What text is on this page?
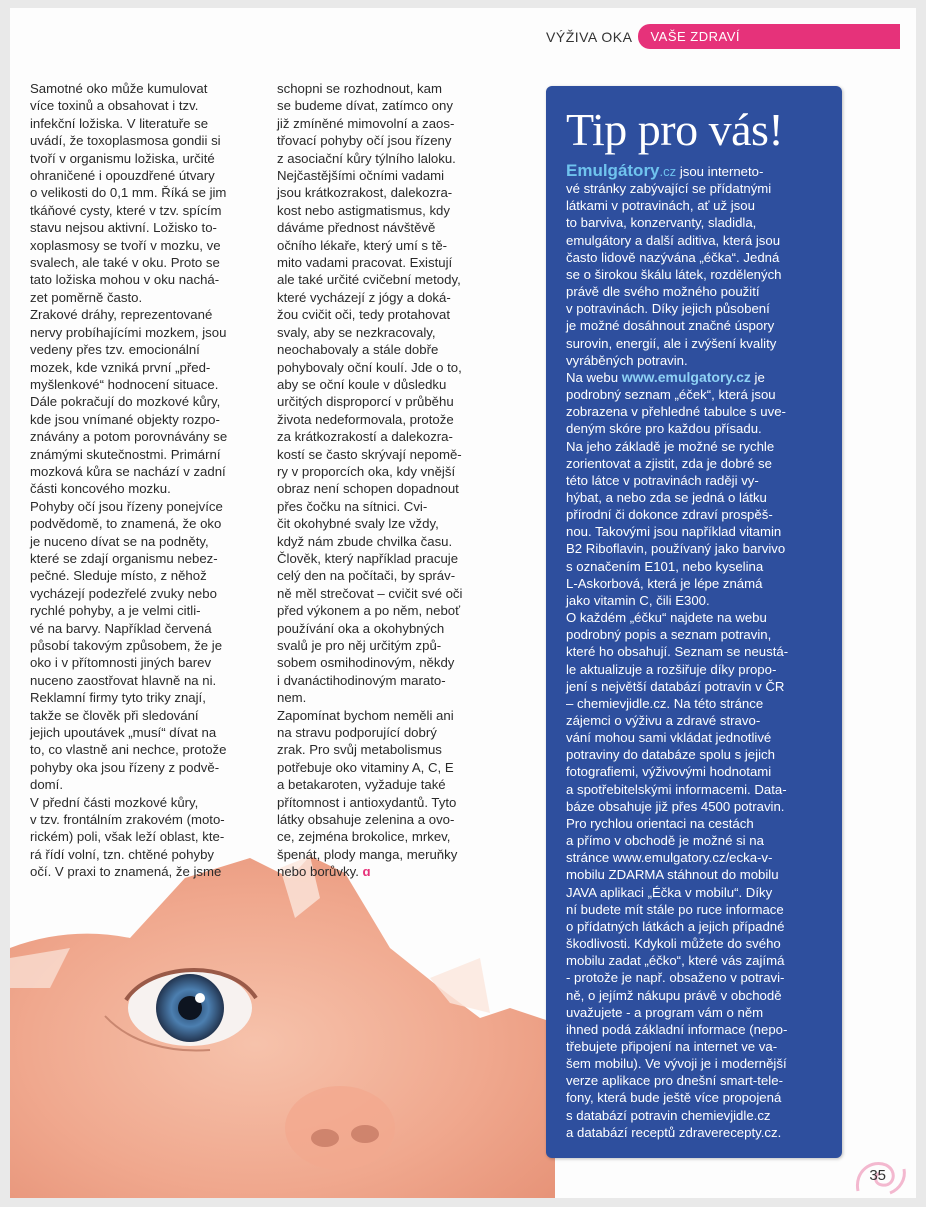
VÝŽIVA OKA	VAŠE ZDRAVÍ

Samotné oko může kumulovat
více toxinů a obsahovat i tzv.
infekční ložiska. V literatuře se
uvádí, že toxoplasmosa gondii si
tvoří v organismu ložiska, určité
ohraničené i opouzdřené útvary
o velikosti do 0,1 mm. Říká se jim
tkáňové cysty, které v tzv. spícím
stavu nejsou aktivní. Ložisko to-
xoplasmosy se tvoří v mozku, ve
svalech, ale také v oku. Proto se
tato ložiska mohou v oku nachá-
zet poměrně často.
Zrakové dráhy, reprezentované
nervy probíhajícími mozkem, jsou
vedeny přes tzv. emocionální
mozek, kde vzniká první „před-
myšlenkové“ hodnocení situace.
Dále pokračují do mozkové kůry,
kde jsou vnímané objekty rozpo-
znávány a potom porovnávány se
známými skutečnostmi. Primární
mozková kůra se nachází v zadní
části koncového mozku.
Pohyby očí jsou řízeny ponejvíce
podvědomě, to znamená, že oko
je nuceno dívat se na podněty,
které se zdají organismu nebez-
pečné. Sleduje místo, z něhož
vycházejí podezřelé zvuky nebo
rychlé pohyby, a je velmi citli-
vé na barvy. Například červená
působí takovým způsobem, že je
oko i v přítomnosti jiných barev
nuceno zaostřovat hlavně na ni.
Reklamní firmy tyto triky znají,
takže se člověk při sledování
jejich upoutávek „musí“ dívat na
to, co vlastně ani nechce, protože
pohyby oka jsou řízeny z podvě-
domí.
V přední části mozkové kůry,
v tzv. frontálním zrakovém (moto-
rickém) poli, však leží oblast, kte-
rá řídí volní, tzn. chtěné pohyby
očí. V praxi to znamená, že jsme

schopni se rozhodnout, kam
se budeme dívat, zatímco ony
již zmíněné mimovolní a zaos-
třovací pohyby očí jsou řízeny
z asociační kůry týlního laloku.
Nejčastějšími očními vadami
jsou krátkozrakost, dalekozra-
kost nebo astigmatismus, kdy
dáváme přednost návštěvě
očního lékaře, který umí s tě-
mito vadami pracovat. Existují
ale také určité cvičební metody,
které vycházejí z jógy a doká-
žou cvičit oči, tedy protahovat
svaly, aby se nezkracovaly,
neochabovaly a stále dobře
pohybovaly oční koulí. Jde o to,
aby se oční koule v důsledku
určitých disproporcí v průběhu
života nedeformovala, protože
za krátkozrakostí a dalekozra-
kostí se často skrývají nepomě-
ry v proporcích oka, kdy vnější
obraz není schopen dopadnout
přes čočku na sítnici. Cvi-
čit okohybné svaly lze vždy,
když nám zbude chvilka času.
Člověk, který například pracuje
celý den na počítači, by správ-
ně měl strečovat – cvičit své oči
před výkonem a po něm, neboť
používání oka a okohybných
svalů je pro něj určitým způ-
sobem osmihodinovým, někdy
i dvanáctihodinovým marato-
nem.
Zapomínat bychom neměli ani
na stravu podporující dobrý
zrak. Pro svůj metabolismus
potřebuje oko vitaminy A, C, E
a betakaroten, vyžaduje také
přítomnost i antioxydantů. Tyto
látky obsahuje zelenina a ovo-
ce, zejména brokolice, mrkev,
špenát, plody manga, meruňky
nebo borůvky. ɑ
Tip pro vás!

Emulgátory.cz jsou interneto-
vé stránky zabývající se přídatnými
látkami v potravinách, ať už jsou
to barviva, konzervanty, sladidla,
emulgátory a další aditiva, která jsou
často lidově nazývána „éčka“. Jedná
se o širokou škálu látek, rozdělených
právě dle svého možného použití
v potravinách. Díky jejich působení
je možné dosáhnout značné úspory
surovin, energií, ale i zvýšení kvality
vyráběných potravin.
Na webu www.emulgatory.cz je
podrobný seznam „éček“, která jsou
zobrazena v přehledné tabulce s uve-
deným skóre pro každou přísadu.
Na jeho základě je možné se rychle
zorientovat a zjistit, zda je dobré se
této látce v potravinách raději vy-
hýbat, a nebo zda se jedná o látku
přírodní či dokonce zdraví prospěš-
nou. Takovými jsou například vitamin
B2 Riboflavin, používaný jako barvivo
s označením E101, nebo kyselina
L-Askorbová, která je lépe známá
jako vitamin C, čili E300.
O každém „éčku“ najdete na webu
podrobný popis a seznam potravin,
které ho obsahují. Seznam se neustá-
le aktualizuje a rozšiřuje díky propo-
jení s největší databází potravin v ČR
– chemievjidle.cz. Na této stránce
zájemci o výživu a zdravé stravo-
vání mohou sami vkládat jednotlivé
potraviny do databáze spolu s jejich
fotografiemi, výživovými hodnotami
a spotřebitelskými informacemi. Data-
báze obsahuje již přes 4500 potravin.
Pro rychlou orientaci na cestách
a přímo v obchodě je možné si na
stránce www.emulgatory.cz/ecka-v-
mobilu ZDARMA stáhnout do mobilu
JAVA aplikaci „Éčka v mobilu“. Díky
ní budete mít stále po ruce informace
o přídatných látkách a jejich případné
škodlivosti. Kdykoli můžete do svého
mobilu zadat „éčko“, které vás zajímá
- protože je např. obsaženo v potravi-
ně, o jejímž nákupu právě v obchodě
uvažujete - a program vám o něm
ihned podá základní informace (nepo-
třebujete připojení na internet ve va-
šem mobilu). Ve vývoji je i modernější
verze aplikace pro dnešní smart-tele-
fony, která bude ještě více propojená
s databází potravin chemievjidle.cz
a databází receptů zdraverecepty.cz.

35
